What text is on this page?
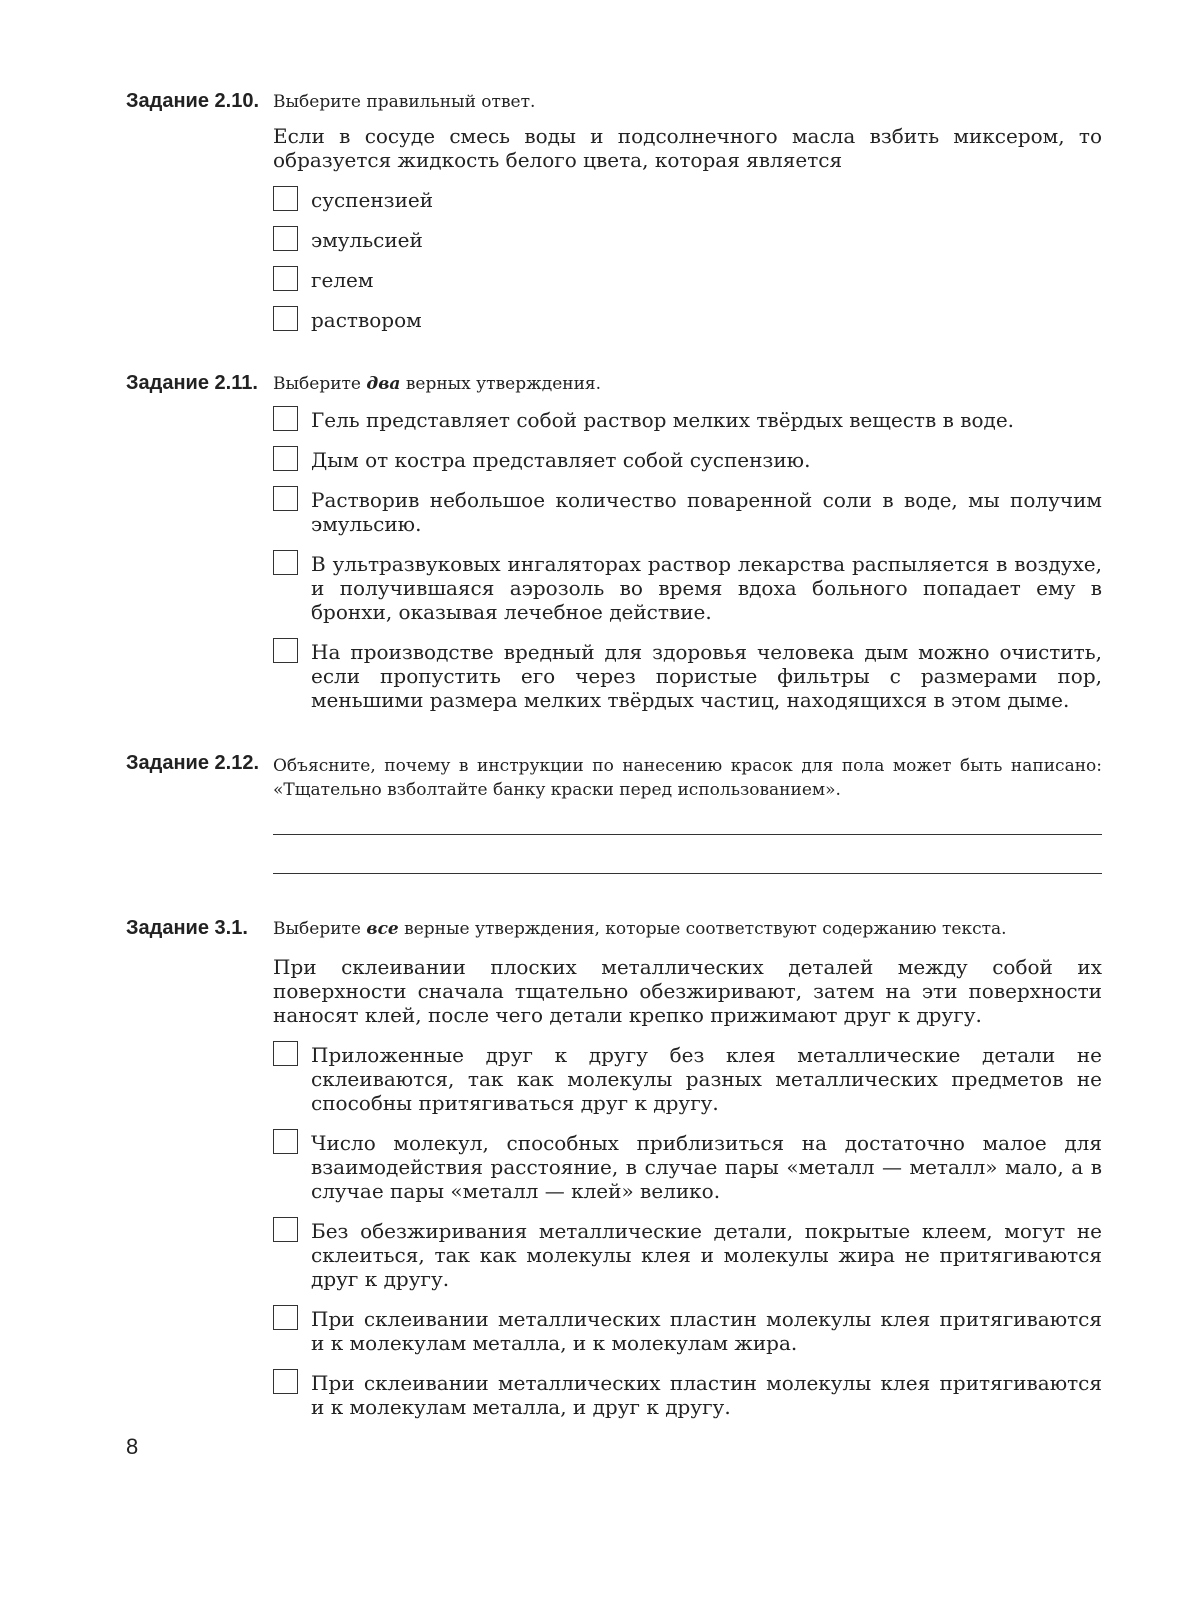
Задание 2.10. Выберите правильный ответ.
Если в сосуде смесь воды и подсолнечного масла взбить миксером, то образуется жидкость белого цвета, которая является
суспензией
эмульсией
гелем
раствором
Задание 2.11. Выберите два верных утверждения.
Гель представляет собой раствор мелких твёрдых веществ в воде.
Дым от костра представляет собой суспензию.
Растворив небольшое количество поваренной соли в воде, мы получим эмульсию.
В ультразвуковых ингаляторах раствор лекарства распыляется в воздухе, и получившаяся аэрозоль во время вдоха больного попадает ему в бронхи, оказывая лечебное действие.
На производстве вредный для здоровья человека дым можно очистить, если пропустить его через пористые фильтры с размерами пор, меньшими размера мелких твёрдых частиц, находящихся в этом дыме.
Задание 2.12. Объясните, почему в инструкции по нанесению красок для пола может быть написано: «Тщательно взболтайте банку краски перед использованием».
Задание 3.1. Выберите все верные утверждения, которые соответствуют содержанию текста.
При склеивании плоских металлических деталей между собой их поверхности сначала тщательно обезжиривают, затем на эти поверхности наносят клей, после чего детали крепко прижимают друг к другу.
Приложенные друг к другу без клея металлические детали не склеиваются, так как молекулы разных металлических предметов не способны притягиваться друг к другу.
Число молекул, способных приблизиться на достаточно малое для взаимодействия расстояние, в случае пары «металл — металл» мало, а в случае пары «металл — клей» велико.
Без обезжиривания металлические детали, покрытые клеем, могут не склеиться, так как молекулы клея и молекулы жира не притягиваются друг к другу.
При склеивании металлических пластин молекулы клея притягиваются и к молекулам металла, и к молекулам жира.
При склеивании металлических пластин молекулы клея притягиваются и к молекулам металла, и друг к другу.
8
